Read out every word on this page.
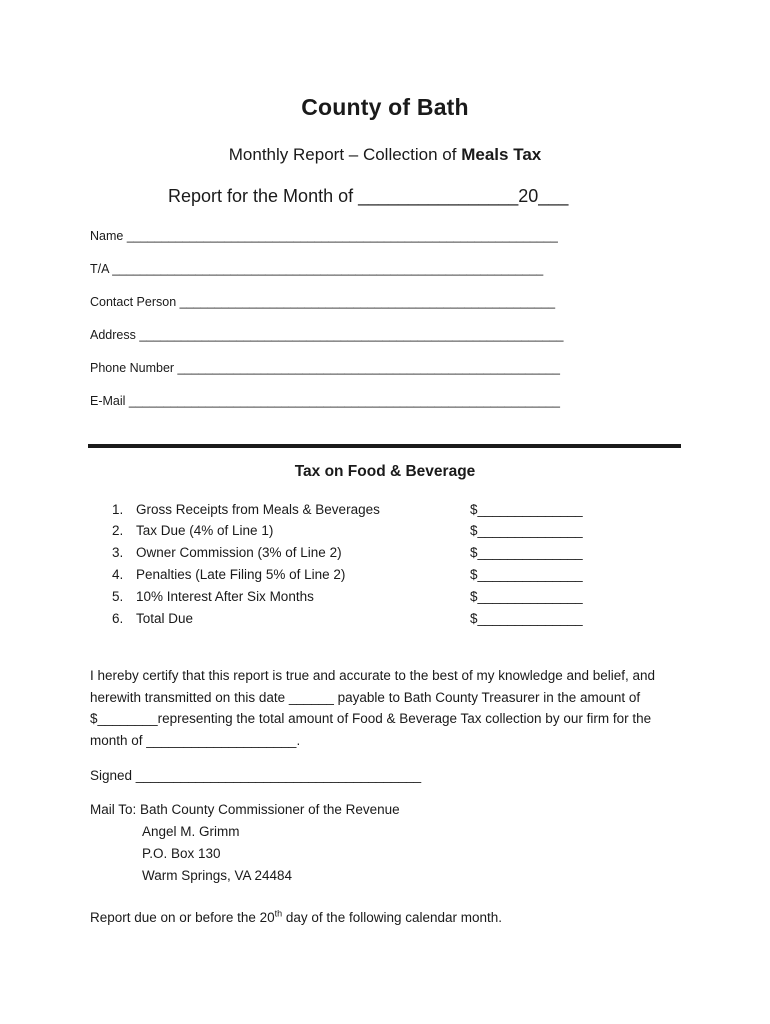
County of Bath
Monthly Report – Collection of Meals Tax
Report for the Month of ________________20___
Name ______________________________________________________________
T/A ______________________________________________________________
Contact Person ______________________________________________________
Address _____________________________________________________________
Phone Number _______________________________________________________
E-Mail ______________________________________________________________
Tax on Food & Beverage
1. Gross Receipts from Meals & Beverages	$______________
2. Tax Due (4% of Line 1)	$______________
3. Owner Commission (3% of Line 2)	$______________
4. Penalties (Late Filing 5% of Line 2)	$______________
5. 10% Interest After Six Months	$______________
6. Total Due	$______________
I hereby certify that this report is true and accurate to the best of my knowledge and belief, and
herewith transmitted on this date ______ payable to Bath County Treasurer in the amount of
$________representing the total amount of Food & Beverage Tax collection by our firm for the
month of ____________________.
Signed ______________________________________
Mail To: Bath County Commissioner of the Revenue
Angel M. Grimm
P.O. Box 130
Warm Springs, VA 24484
Report due on or before the 20th day of the following calendar month.
